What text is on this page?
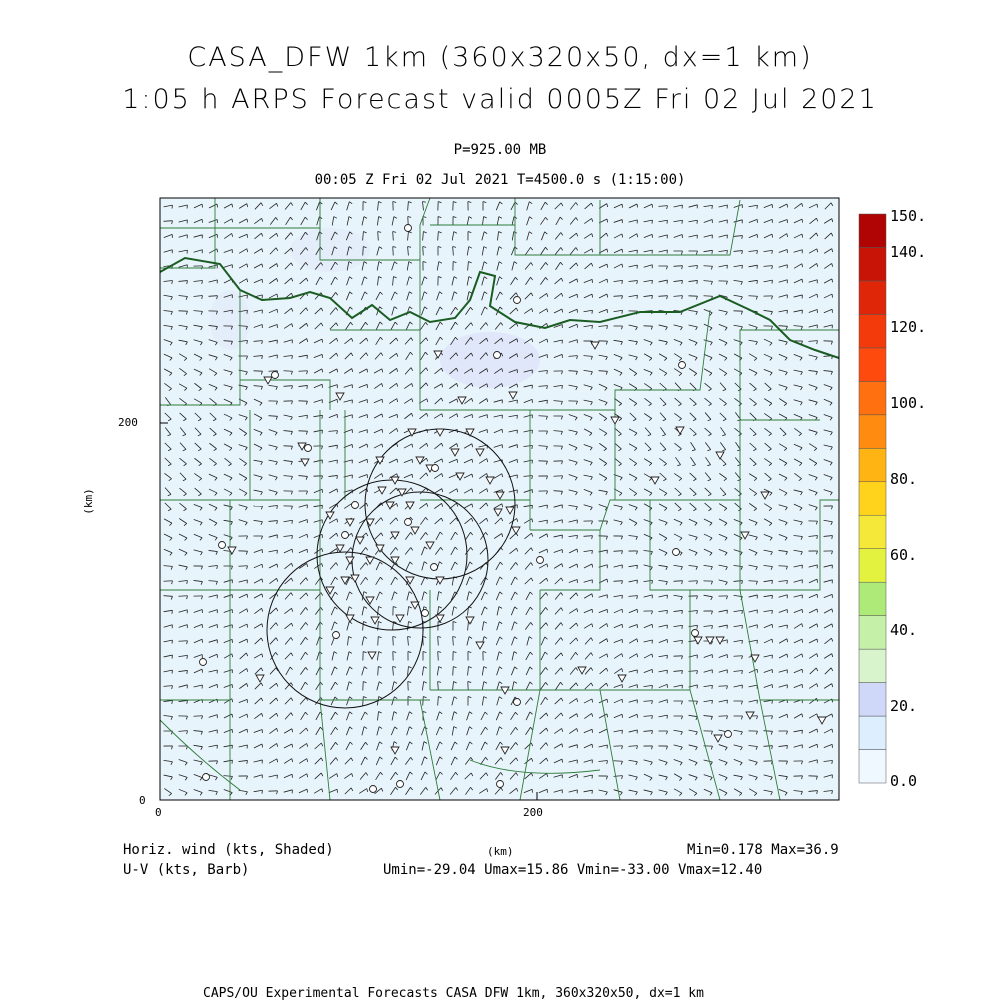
CASA_DFW 1km (360x320x50, dx=1 km)
1:05 h ARPS Forecast valid 0005Z Fri 02 Jul 2021
P=925.00 MB
00:05 Z Fri 02 Jul 2021 T=4500.0 s (1:15:00)
200
0
0	200
(km)
(km)
150.
140.
120.
100.
80.
60.
40.
20.
0.0
Horiz. wind (kts, Shaded)
U-V (kts, Barb)
Min=0.178 Max=36.9
Umin=-29.04 Umax=15.86 Vmin=-33.00 Vmax=12.40
CAPS/OU Experimental Forecasts CASA DFW 1km, 360x320x50, dx=1 km
